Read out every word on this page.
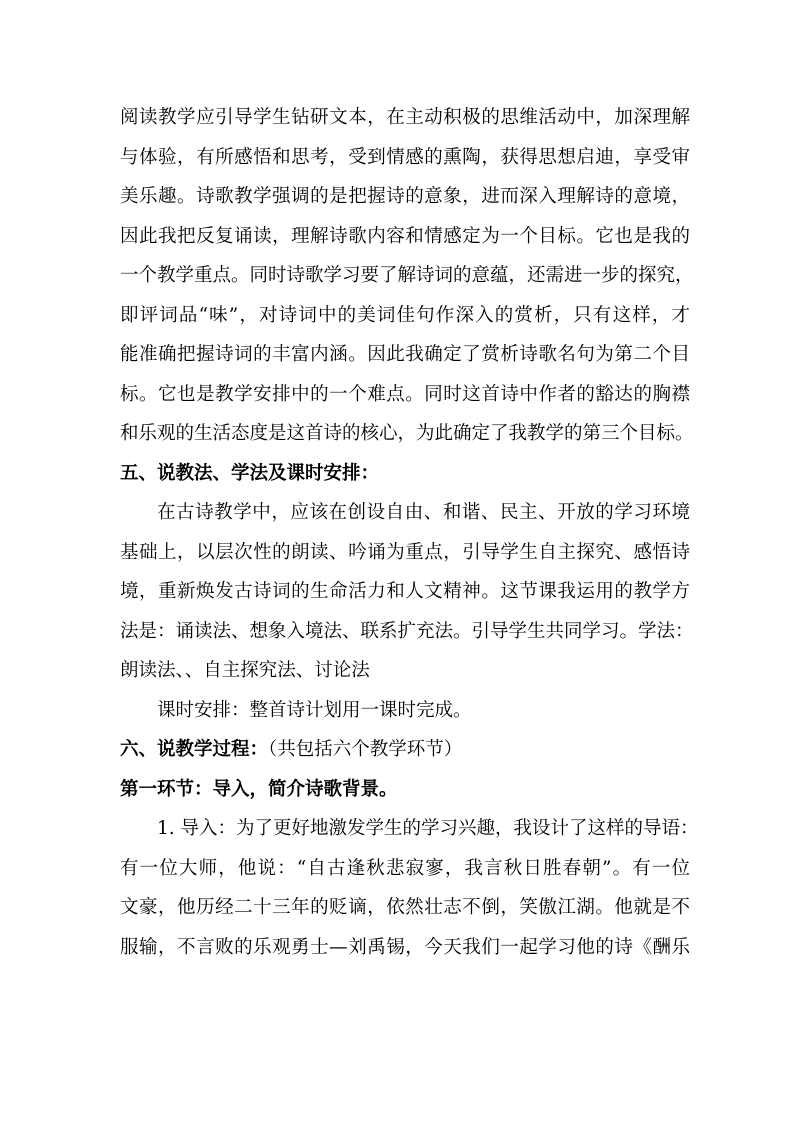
阅读教学应引导学生钻研文本，在主动积极的思维活动中，加深理解
与体验，有所感悟和思考，受到情感的熏陶，获得思想启迪，享受审
美乐趣。诗歌教学强调的是把握诗的意象，进而深入理解诗的意境，
因此我把反复诵读，理解诗歌内容和情感定为一个目标。它也是我的
一个教学重点。同时诗歌学习要了解诗词的意蕴，还需进一步的探究，
即评词品“味”，对诗词中的美词佳句作深入的赏析，只有这样，才
能准确把握诗词的丰富内涵。因此我确定了赏析诗歌名句为第二个目
标。它也是教学安排中的一个难点。同时这首诗中作者的豁达的胸襟
和乐观的生活态度是这首诗的核心，为此确定了我教学的第三个目标。
五、说教法、学法及课时安排：
在古诗教学中，应该在创设自由、和谐、民主、开放的学习环境
基础上，以层次性的朗读、吟诵为重点，引导学生自主探究、感悟诗
境，重新焕发古诗词的生命活力和人文精神。这节课我运用的教学方
法是：诵读法、想象入境法、联系扩充法。引导学生共同学习。学法：
朗读法、、自主探究法、讨论法
课时安排：整首诗计划用一课时完成。
六、说教学过程：（共包括六个教学环节）
第一环节：导入，简介诗歌背景。
1. 导入：为了更好地激发学生的学习兴趣，我设计了这样的导语：
有一位大师，他说：“自古逢秋悲寂寥，我言秋日胜春朝”。有一位
文豪，他历经二十三年的贬谪，依然壮志不倒，笑傲江湖。他就是不
服输，不言败的乐观勇士—刘禹锡，今天我们一起学习他的诗《酬乐
